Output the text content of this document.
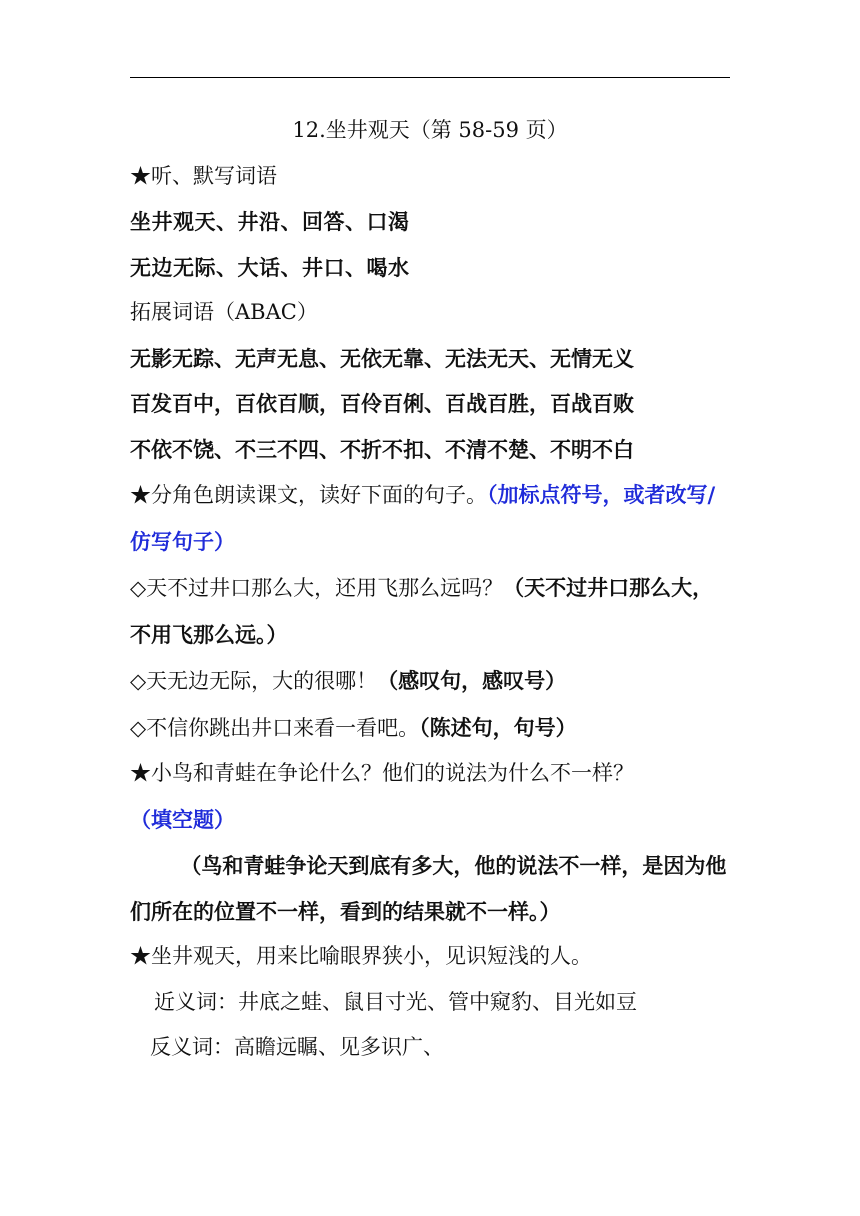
12.坐井观天（第 58-59 页）
★听、默写词语
坐井观天、井沿、回答、口渴
无边无际、大话、井口、喝水
拓展词语（ABAC）
无影无踪、无声无息、无依无靠、无法无天、无情无义
百发百中，百依百顺，百伶百俐、百战百胜，百战百败
不依不饶、不三不四、不折不扣、不清不楚、不明不白
★分角色朗读课文，读好下面的句子。（加标点符号，或者改写/仿写句子）
◇天不过井口那么大，还用飞那么远吗？（天不过井口那么大，不用飞那么远。）
◇天无边无际，大的很哪！（感叹句，感叹号）
◇不信你跳出井口来看一看吧。（陈述句，句号）
★小鸟和青蛙在争论什么？他们的说法为什么不一样？（填空题）
（鸟和青蛙争论天到底有多大，他的说法不一样，是因为他们所在的位置不一样，看到的结果就不一样。）
★坐井观天，用来比喻眼界狭小，见识短浅的人。
近义词：井底之蛙、鼠目寸光、管中窥豹、目光如豆
反义词：高瞻远瞩、见多识广、
